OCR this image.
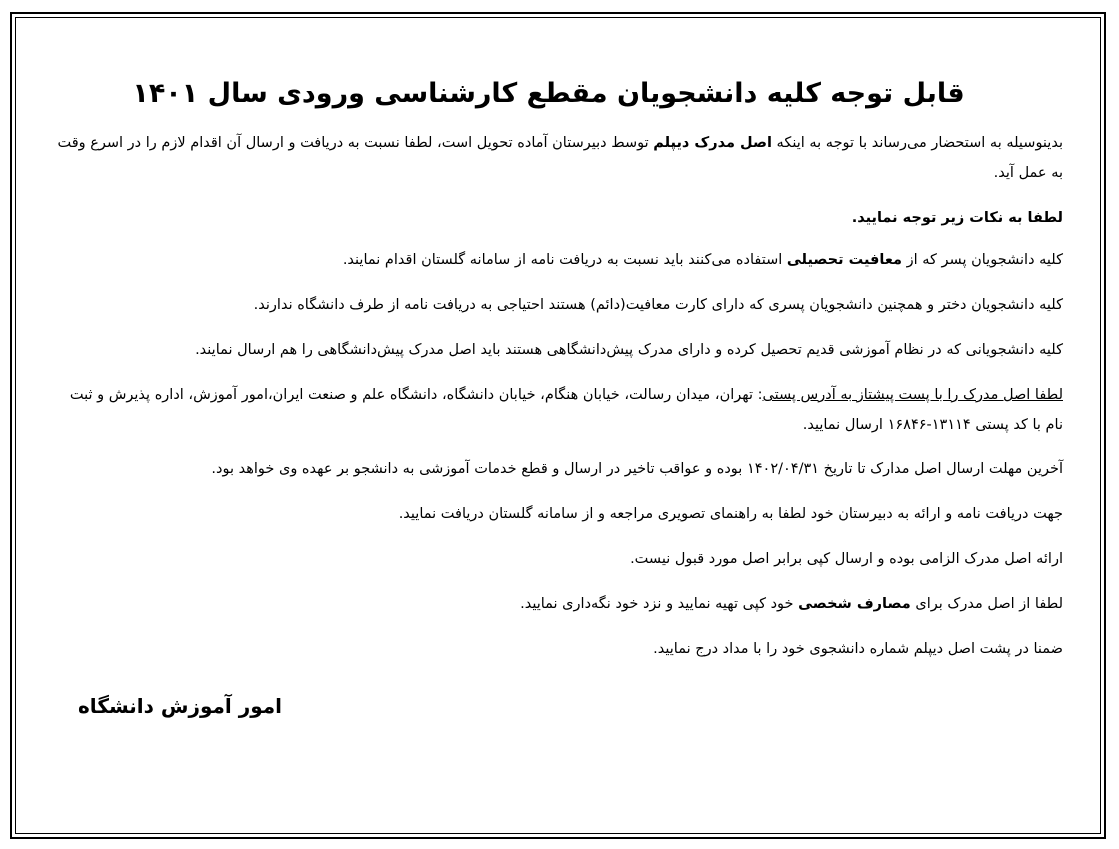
قابل توجه کلیه دانشجویان مقطع کارشناسی ورودی سال ۱۴۰۱

بدینوسیله به استحضار می‌رساند با توجه به اینکه اصل مدرک دیپلم توسط دبیرستان آماده تحویل است، لطفا نسبت به دریافت و ارسال آن اقدام لازم را در اسرع وقت به عمل آید.

لطفا به نکات زیر توجه نمایید.

کلیه دانشجویان پسر که از معافیت تحصیلی استفاده می‌کنند باید نسبت به دریافت نامه از سامانه گلستان اقدام نمایند.

کلیه دانشجویان دختر و همچنین دانشجویان پسری که دارای کارت معافیت(دائم) هستند احتیاجی به دریافت نامه از طرف دانشگاه ندارند.

کلیه دانشجویانی که در نظام آموزشی قدیم تحصیل کرده و دارای مدرک پیش‌دانشگاهی هستند باید اصل مدرک پیش‌دانشگاهی را هم ارسال نمایند.

لطفا اصل مدرک را با پست پیشتاز به آدرس پستی: تهران، میدان رسالت، خیابان هنگام، خیابان دانشگاه، دانشگاه علم و صنعت ایران،امور آموزش، اداره پذیرش و ثبت نام با کد پستی ۱۳۱۱۴-۱۶۸۴۶ ارسال نمایید.

آخرین مهلت ارسال اصل مدارک تا تاریخ ۱۴۰۲/۰۴/۳۱ بوده و عواقب تاخیر در ارسال و قطع خدمات آموزشی به دانشجو بر عهده وی خواهد بود.

جهت دریافت نامه و ارائه به دبیرستان خود لطفا به راهنمای تصویری مراجعه و از سامانه گلستان دریافت نمایید.

ارائه اصل مدرک الزامی بوده و ارسال کپی برابر اصل مورد قبول نیست.

لطفا از اصل مدرک برای مصارف شخصی خود کپی تهیه نمایید و نزد خود نگه‌داری نمایید.

ضمنا در پشت اصل دیپلم شماره دانشجوی خود را با مداد درج نمایید.

امور آموزش دانشگاه
